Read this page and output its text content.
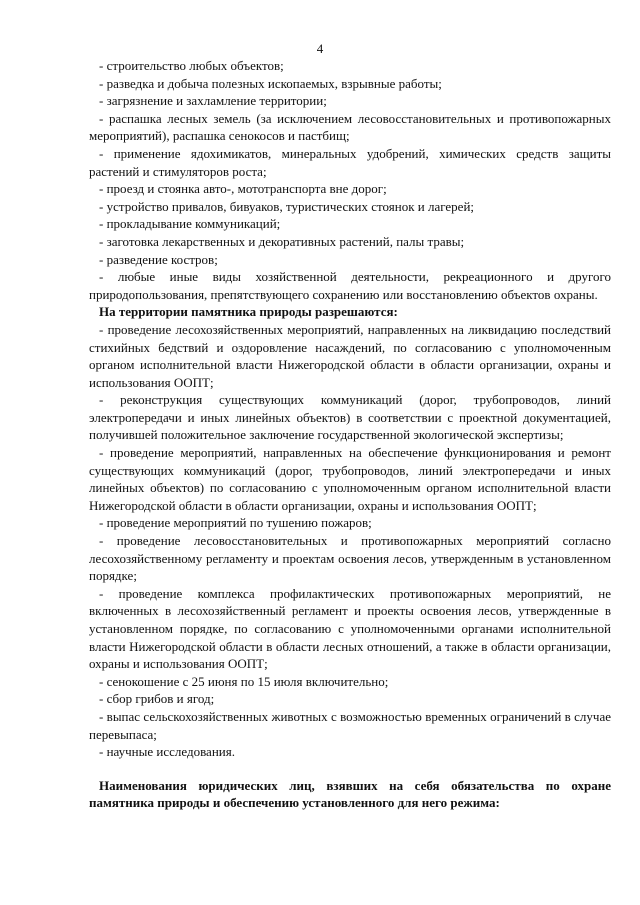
4

- строительство любых объектов;

- разведка и добыча полезных ископаемых, взрывные работы;

- загрязнение и захламление территории;

- распашка лесных земель (за исключением лесовосстановительных и противопожарных мероприятий), распашка сенокосов и пастбищ;

- применение ядохимикатов, минеральных удобрений, химических средств защиты растений и стимуляторов роста;

- проезд и стоянка авто-, мототранспорта вне дорог;

- устройство привалов, бивуаков, туристических стоянок и лагерей;

- прокладывание коммуникаций;

- заготовка лекарственных и декоративных растений, палы травы;

- разведение костров;

- любые иные виды хозяйственной деятельности, рекреационного и другого природопользования, препятствующего сохранению или восстановлению объектов охраны.

На территории памятника природы разрешаются:

- проведение лесохозяйственных мероприятий, направленных на ликвидацию последствий стихийных бедствий и оздоровление насаждений, по согласованию с уполномоченным органом исполнительной власти Нижегородской области в области организации, охраны и использования ООПТ;

- реконструкция существующих коммуникаций (дорог, трубопроводов, линий электропередачи и иных линейных объектов) в соответствии с проектной документацией, получившей положительное заключение государственной экологической экспертизы;

- проведение мероприятий, направленных на обеспечение функционирования и ремонт существующих коммуникаций (дорог, трубопроводов, линий электропередачи и иных линейных объектов) по согласованию с уполномоченным органом исполнительной власти Нижегородской области в области организации, охраны и использования ООПТ;

- проведение мероприятий по тушению пожаров;

- проведение лесовосстановительных и противопожарных мероприятий согласно лесохозяйственному регламенту и проектам освоения лесов, утвержденным в установленном порядке;

- проведение комплекса профилактических противопожарных мероприятий, не включенных в лесохозяйственный регламент и проекты освоения лесов, утвержденные в установленном порядке, по согласованию с уполномоченными органами исполнительной власти Нижегородской области в области лесных отношений, а также в области организации, охраны и использования ООПТ;

- сенокошение с 25 июня по 15 июля включительно;

- сбор грибов и ягод;

- выпас сельскохозяйственных животных с возможностью временных ограничений в случае перевыпаса;

- научные исследования.

Наименования юридических лиц, взявших на себя обязательства по охране памятника природы и обеспечению установленного для него режима:
